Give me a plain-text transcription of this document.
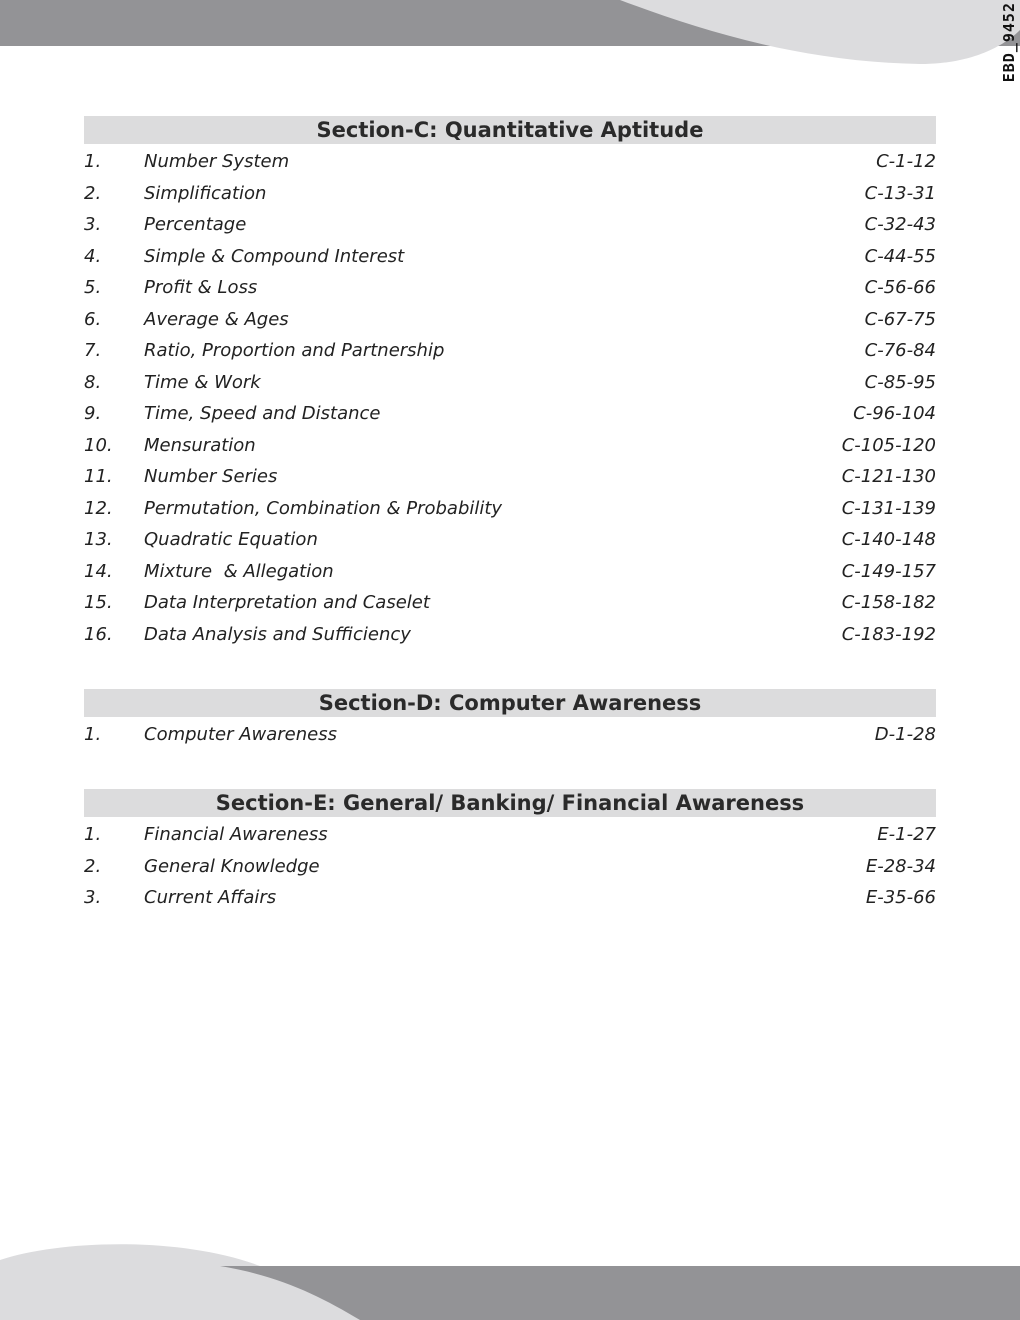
EBD_9452
Section-C: Quantitative Aptitude
1. Number System	C-1-12
2. Simplification	C-13-31
3. Percentage	C-32-43
4. Simple & Compound Interest	C-44-55
5. Profit & Loss	C-56-66
6. Average & Ages	C-67-75
7. Ratio, Proportion and Partnership	C-76-84
8. Time & Work	C-85-95
9. Time, Speed and Distance	C-96-104
10. Mensuration	C-105-120
11. Number Series	C-121-130
12. Permutation, Combination & Probability	C-131-139
13. Quadratic Equation	C-140-148
14. Mixture  & Allegation	C-149-157
15. Data Interpretation and Caselet	C-158-182
16. Data Analysis and Sufficiency	C-183-192
Section-D: Computer Awareness
1. Computer Awareness	D-1-28
Section-E: General/ Banking/ Financial Awareness
1. Financial Awareness	E-1-27
2. General Knowledge	E-28-34
3. Current Affairs	E-35-66
